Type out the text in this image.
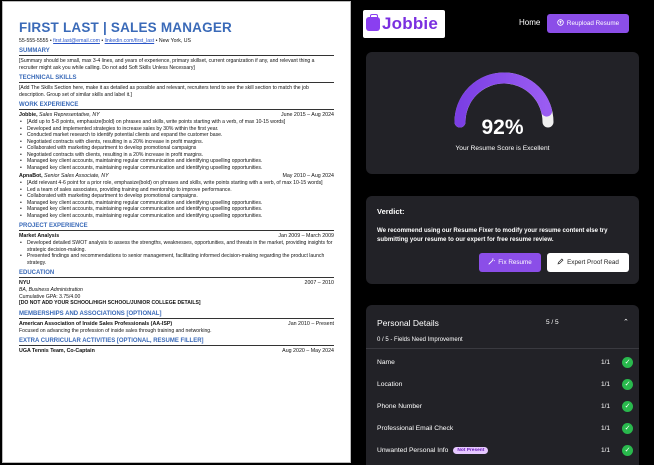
FIRST LAST | SALES MANAGER
55-555-5555 • first.last@email.com • linkedin.com/first_last • New York, US
SUMMARY
[Summary should be small, max 3-4 lines, and years of experience, primary skillset, current organization if any, and relevant thing a recruiter might ask you while calling. Do not add Soft Skills Unless Necessary]
TECHNICAL SKILLS
[Add The Skills Section here, make it as detailed as possible and relevant, recruiters tend to see the skill section to match the job description. Group set of similar skills and label it.]
WORK EXPERIENCE
Jobbie, Sales Representative, NY	June 2015 – Aug 2024
• [Add up to 5-8 points, emphasize(bold) on phrases and skills, write points starting with a verb, of max 10-15 words]
• Developed and implemented strategies to increase sales by 30% within the first year.
• Conducted market research to identify potential clients and expand the customer base.
• Negotiated contracts with clients, resulting in a 20% increase in profit margins.
• Collaborated with marketing department to develop promotional campaigns
• Negotiated contracts with clients, resulting in a 20% increase in profit margins.
• Managed key client accounts, maintaining regular communication and identifying upselling opportunities.
• Managed key client accounts, maintaining regular communication and identifying upselling opportunities.
ApnaBot, Senior Sales Associate, NY	May 2010 – Aug 2024
• [Add relevant 4-6 point for a prior role, emphasize(bold) on phrases and skills, write points starting with a verb, of max 10-15 words]
• Led a team of sales associates, providing training and mentorship to improve performance.
• Collaborated with marketing department to develop promotional campaigns.
• Managed key client accounts, maintaining regular communication and identifying upselling opportunities.
• Managed key client accounts, maintaining regular communication and identifying upselling opportunities.
• Managed key client accounts, maintaining regular communication and identifying upselling opportunities.
PROJECT EXPERIENCE
Market Analysis	Jan 2009 – March 2009
• Developed detailed SWOT analysis to assess the strengths, weaknesses, opportunities, and threats in the market, providing insights for strategic decision-making.
• Presented findings and recommendations to senior management, facilitating informed decision-making regarding the product launch strategy.
EDUCATION
NYU	2007 – 2010
BA, Business Administration
Cumulative GPA: 3.75/4.00
[DO NOT ADD YOUR SCHOOL/HIGH SCHOOL/JUNIOR COLLEGE DETAILS]
MEMBERSHIPS AND ASSOCIATIONS [OPTIONAL]
American Association of Inside Sales Professionals (AA-ISP)	Jan 2010 – Present
Focused on advancing the profession of inside sales through training and networking.
EXTRA CURRICULAR ACTIVITIES [OPTIONAL, RESUME FILLER]
UGA Tennis Team, Co-Captain	Aug 2020 – May 2024
Jobbie	Home	Reupload Resume
92%
Your Resume Score is Excellent
Verdict:
We recommend using our Resume Fixer to modify your resume content else try submitting your resume to our expert for free resume review.
Fix Resume	Expert Proof Read
Personal Details	5 / 5	⌃
0 / 5 - Fields Need Improvement
Name	1/1	✓
Location	1/1	✓
Phone Number	1/1	✓
Professional Email Check	1/1	✓
Unwanted Personal Info	Not Present	1/1	✓
